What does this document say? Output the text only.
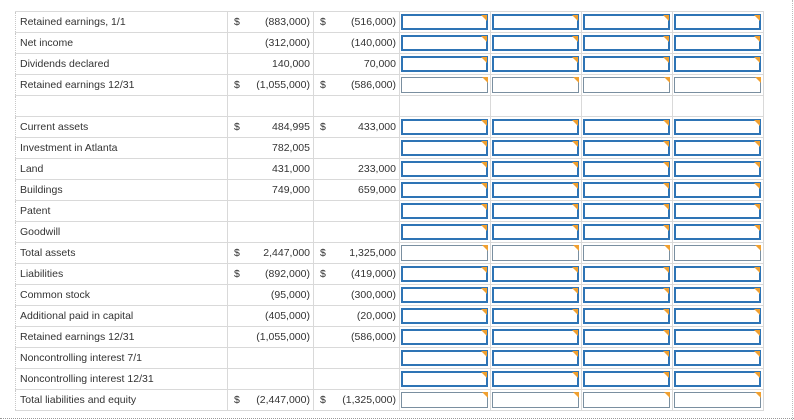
Retained earnings, 1/1	$ (883,000)	$ (516,000)				

Net income	(312,000)	(140,000)				

Dividends declared	140,000	70,000				

Retained earnings 12/31	$ (1,055,000)	$ (586,000)				

Current assets	$ 484,995	$ 433,000				

Investment in Atlanta	782,005					

Land	431,000	233,000				

Buildings	749,000	659,000				

Patent	

Goodwill	

Total assets	$ 2,447,000	$ 1,325,000				

Liabilities	$ (892,000)	$ (419,000)				

Common stock	(95,000)	(300,000)				

Additional paid in capital	(405,000)	(20,000)				

Retained earnings 12/31	(1,055,000)	(586,000)				

Noncontrolling interest 7/1	

Noncontrolling interest 12/31	

Total liabilities and equity	$ (2,447,000)	$ (1,325,000)				
